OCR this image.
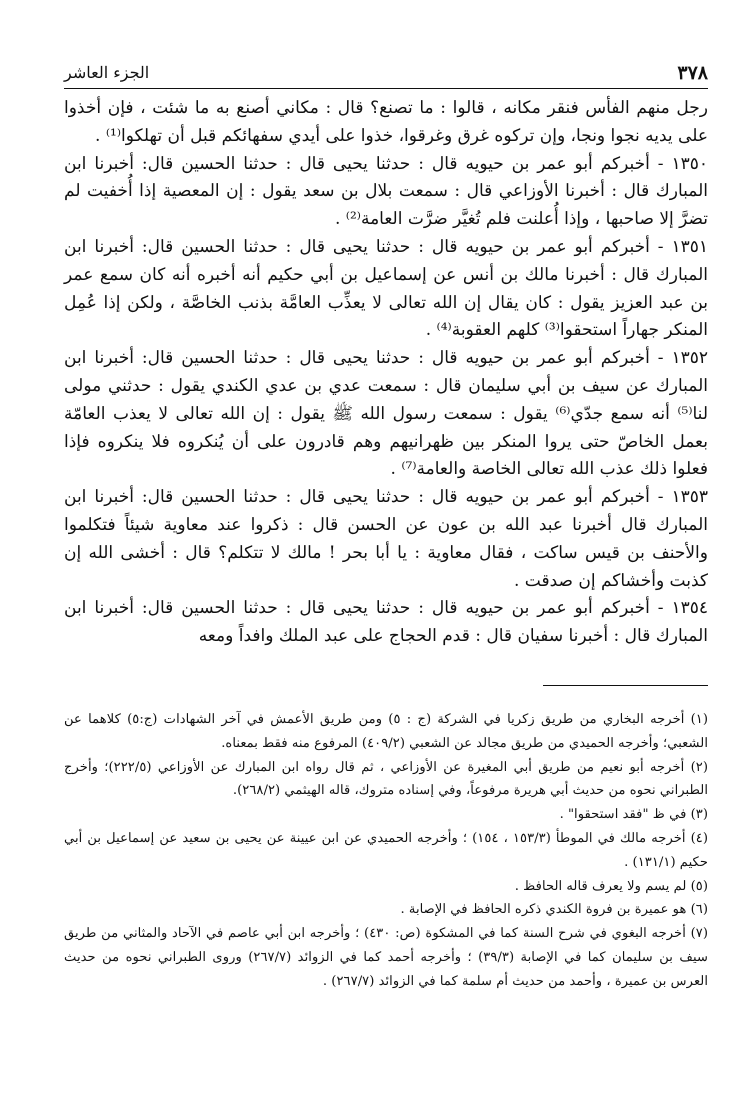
٣٧٨
الجزء العاشر

رجل منهم الفأس فنقر مكانه ، قالوا : ما تصنع؟ قال : مكاني أصنع به ما شئت ، فإن أخذوا على يديه نجوا ونجا، وإن تركوه غرق وغرقوا، خذوا على أيدي سفهائكم قبل أن تهلكوا⁽¹⁾ .

١٣٥٠ - أخبركم أبو عمر بن حيويه قال : حدثنا يحيى قال : حدثنا الحسين قال: أخبرنا ابن المبارك قال : أخبرنا الأوزاعي قال : سمعت بلال بن سعد يقول : إن المعصية إذا أُخفيت لم تضرَّ إلا صاحبها ، وإذا أُعلنت فلم تُغيَّر ضرَّت العامة⁽²⁾ .

١٣٥١ - أخبركم أبو عمر بن حيويه قال : حدثنا يحيى قال : حدثنا الحسين قال: أخبرنا ابن المبارك قال : أخبرنا مالك بن أنس عن إسماعيل بن أبي حكيم أنه أخبره أنه كان سمع عمر بن عبد العزيز يقول : كان يقال إن الله تعالى لا يعذِّب العامَّة بذنب الخاصَّة ، ولكن إذا عُمِل المنكر جهاراً استحقوا⁽³⁾ كلهم العقوبة⁽⁴⁾ .

١٣٥٢ - أخبركم أبو عمر بن حيويه قال : حدثنا يحيى قال : حدثنا الحسين قال: أخبرنا ابن المبارك عن سيف بن أبي سليمان قال : سمعت عدي بن عدي الكندي يقول : حدثني مولى لنا⁽⁵⁾ أنه سمع جدّي⁽⁶⁾ يقول : سمعت رسول الله ﷺ يقول : إن الله تعالى لا يعذب العامّة بعمل الخاصّ حتى يروا المنكر بين ظهرانيهم وهم قادرون على أن يُنكروه فلا ينكروه فإذا فعلوا ذلك عذب الله تعالى الخاصة والعامة⁽⁷⁾ .

١٣٥٣ - أخبركم أبو عمر بن حيويه قال : حدثنا يحيى قال : حدثنا الحسين قال: أخبرنا ابن المبارك قال أخبرنا عبد الله بن عون عن الحسن قال : ذكروا عند معاوية شيئاً فتكلموا والأحنف بن قيس ساكت ، فقال معاوية : يا أبا بحر ! مالك لا تتكلم؟ قال : أخشى الله إن كذبت وأخشاكم إن صدقت .

١٣٥٤ - أخبركم أبو عمر بن حيويه قال : حدثنا يحيى قال : حدثنا الحسين قال: أخبرنا ابن المبارك قال : أخبرنا سفيان قال : قدم الحجاج على عبد الملك وافداً ومعه

(١) أخرجه البخاري من طريق زكريا في الشركة (ج : ٥) ومن طريق الأعمش في آخر الشهادات (ج:٥) كلاهما عن الشعبي؛ وأخرجه الحميدي من طريق مجالد عن الشعبي (٤٠٩/٢) المرفوع منه فقط بمعناه.

(٢) أخرجه أبو نعيم من طريق أبي المغيرة عن الأوزاعي ، ثم قال رواه ابن المبارك عن الأوزاعي (٢٢٢/٥)؛ وأخرج الطبراني نحوه من حديث أبي هريرة مرفوعاً، وفي إسناده متروك، قاله الهيثمي (٢٦٨/٢).

(٣) في ظ "فقد استحقوا" .

(٤) أخرجه مالك في الموطأ (١٥٣/٣ ، ١٥٤) ؛ وأخرجه الحميدي عن ابن عيينة عن يحيى بن سعيد عن إسماعيل بن أبي حكيم (١٣١/١) .

(٥) لم يسم ولا يعرف قاله الحافظ .

(٦) هو عميرة بن فروة الكندي ذكره الحافظ في الإصابة .

(٧) أخرجه البغوي في شرح السنة كما في المشكوة (ص: ٤٣٠) ؛ وأخرجه ابن أبي عاصم في الآحاد والمثاني من طريق سيف بن سليمان كما في الإصابة (٣٩/٣) ؛ وأخرجه أحمد كما في الزوائد (٢٦٧/٧) وروى الطبراني نحوه من حديث العرس بن عميرة ، وأحمد من حديث أم سلمة كما في الزوائد (٢٦٧/٧) .
